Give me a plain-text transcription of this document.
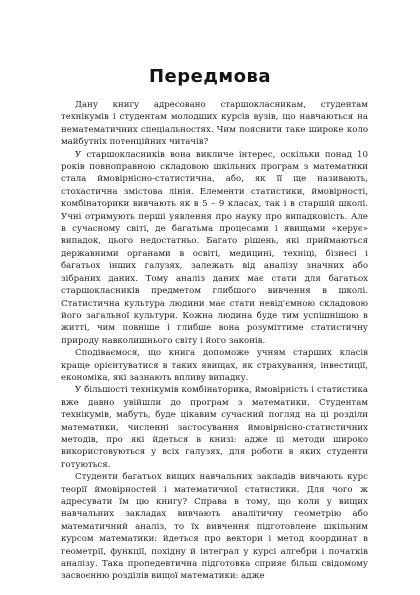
Передмова

Дану книгу адресовано старшокласникам, студентам технікумів і студентам молодших курсів вузів, що навчаються на нематематичних спеціальностях. Чим пояснити таке широке коло майбутніх потенційних читачів?

У старшокласників вона викличе інтерес, оскільки понад 10 років повноправною складовою шкільних програм з математики стала ймовірнісно-статистична, або, як її ще називають, стохастична змістова лінія. Елементи статистики, ймовірності, комбінаторики вивчають як в 5 – 9 класах, так і в старшій школі. Учні отримують перші уявлення про науку про випадковість. Але в сучасному світі, де багатьма процесами і явищами «керує» випадок, цього недостатньо. Багато рішень, які приймаються державними органами в освіті, медицині, техніці, бізнесі і багатьох інших галузях, залежать від аналізу значних або зібраних даних. Тому аналіз даних має стати для багатьох старшокласників предметом глибшого вивчення в школі. Статистична культура людини має стати невід'ємною складовою його загальної культури. Кожна людина буде тим успішнішою в житті, чим повніше і глибше вона розуміттиме статистичну природу навколишнього світу і його законів.

Сподіваємося, що книга допоможе учням старших класів краще орієнтуватися в таких явищах, як страхування, інвестиції, економіка, які зазнають впливу випадку.

У більшості технікумів комбінаторика, ймовірність і статистика вже давно увійшли до програм з математики. Студентам технікумів, мабуть, буде цікавим сучасний погляд на ці розділи математики, численні застосування ймовірнісно-статистичних методів, про які йдеться в книзі: адже ці методи широко використовуються у всіх галузях, для роботи в яких студенти готуються.

Студенти багатьох вищих навчальних закладів вивчають курс теорії ймовірностей і математичної статистики. Для чого ж адресувати їм цю книгу? Справа в тому, що коли у вищих навчальних закладах вивчають аналітичну геометрію або математичний аналіз, то їх вивчення підготовлене шкільним курсом математики: йдеться про вектори і метод координат в геометрії, функції, похідну й інтеграл у курсі алгебри і початків аналізу. Така пропедевтична підготовка сприяє більш свідомому засвоєнню розділів вищої математики: адже
